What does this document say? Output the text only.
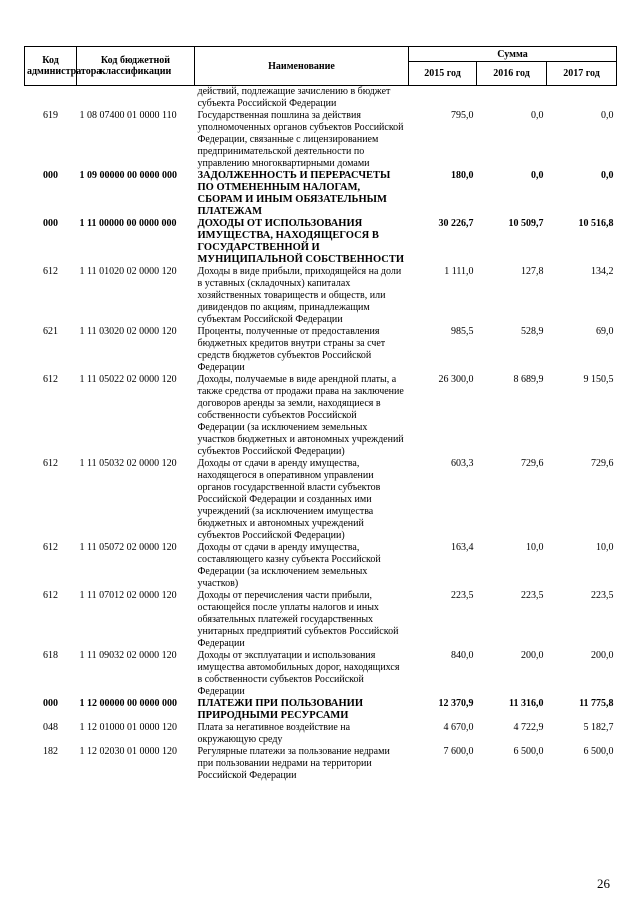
Код администратора	Код бюджетной классификации	Наименование	Сумма		
			2015 год	2016 год	2017 год
		действий, подлежащие зачислению в бюджет субъекта Российской Федерации			
619	1 08 07400 01 0000 110	Государственная пошлина за действия уполномоченных органов субъектов Российской Федерации, связанные с лицензированием предпринимательской деятельности по управлению многоквартирными домами	795,0	0,0	0,0
000	1 09 00000 00 0000 000	ЗАДОЛЖЕННОСТЬ И ПЕРЕРАСЧЕТЫ ПО ОТМЕНЕННЫМ НАЛОГАМ, СБОРАМ И ИНЫМ ОБЯЗАТЕЛЬНЫМ ПЛАТЕЖАМ	180,0	0,0	0,0
000	1 11 00000 00 0000 000	ДОХОДЫ ОТ ИСПОЛЬЗОВАНИЯ ИМУЩЕСТВА, НАХОДЯЩЕГОСЯ В ГОСУДАРСТВЕННОЙ И МУНИЦИПАЛЬНОЙ СОБСТВЕННОСТИ	30 226,7	10 509,7	10 516,8
612	1 11 01020 02 0000 120	Доходы в виде прибыли, приходящейся на доли в уставных (складочных) капиталах хозяйственных товариществ и обществ, или дивидендов по акциям, принадлежащим субъектам Российской Федерации	1 111,0	127,8	134,2
621	1 11 03020 02 0000 120	Проценты, полученные от предоставления бюджетных кредитов внутри страны за счет средств бюджетов субъектов Российской Федерации	985,5	528,9	69,0
612	1 11 05022 02 0000 120	Доходы, получаемые в виде арендной платы, а также средства от продажи права на заключение договоров аренды за земли, находящиеся в собственности субъектов Российской Федерации (за исключением земельных участков бюджетных и автономных учреждений субъектов Российской Федерации)	26 300,0	8 689,9	9 150,5
612	1 11 05032 02 0000 120	Доходы от сдачи в аренду имущества, находящегося в оперативном управлении органов государственной власти субъектов Российской Федерации и созданных ими учреждений (за исключением имущества бюджетных и автономных учреждений субъектов Российской Федерации)	603,3	729,6	729,6
612	1 11 05072 02 0000 120	Доходы от сдачи в аренду имущества, составляющего казну субъекта Российской Федерации (за исключением земельных участков)	163,4	10,0	10,0
612	1 11 07012 02 0000 120	Доходы от перечисления части прибыли, остающейся после уплаты налогов и иных обязательных платежей государственных унитарных предприятий субъектов Российской Федерации	223,5	223,5	223,5
618	1 11 09032 02 0000 120	Доходы от эксплуатации и использования имущества автомобильных дорог, находящихся в собственности субъектов Российской Федерации	840,0	200,0	200,0
000	1 12 00000 00 0000 000	ПЛАТЕЖИ ПРИ ПОЛЬЗОВАНИИ ПРИРОДНЫМИ РЕСУРСАМИ	12 370,9	11 316,0	11 775,8
048	1 12 01000 01 0000 120	Плата за негативное воздействие на окружающую среду	4 670,0	4 722,9	5 182,7
182	1 12 02030 01 0000 120	Регулярные платежи за пользование недрами при пользовании недрами на территории Российской Федерации	7 600,0	6 500,0	6 500,0
26
